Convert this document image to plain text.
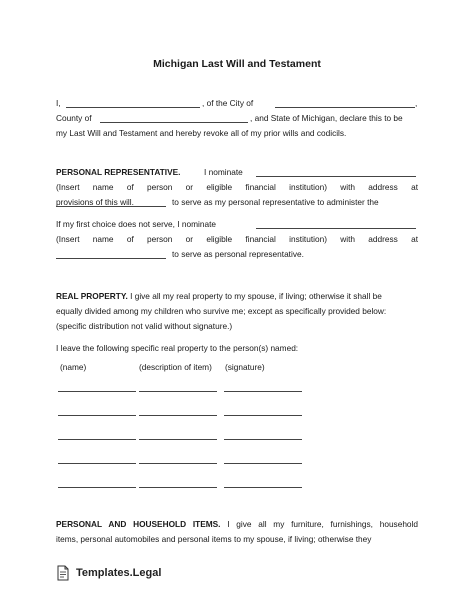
Michigan Last Will and Testament
I,	, of the City of	,
County of	, and State of Michigan, declare this to be
my Last Will and Testament and hereby revoke all of my prior wills and codicils.
PERSONAL REPRESENTATIVE.	I nominate
(Insert name of person or eligible financial institution) with address at
to serve as my personal representative to administer the
provisions of this will.
If my first choice does not serve, I nominate
(Insert name of person or eligible financial institution) with address at
to serve as personal representative.
REAL PROPERTY. I give all my real property to my spouse, if living; otherwise it shall be
equally divided among my children who survive me; except as specifically provided below:
(specific distribution not valid without signature.)
I leave the following specific real property to the person(s) named:
(name)	(description of item) (signature)
PERSONAL AND HOUSEHOLD ITEMS. I give all my furniture, furnishings, household
items, personal automobiles and personal items to my spouse, if living; otherwise they
Templates.Legal
